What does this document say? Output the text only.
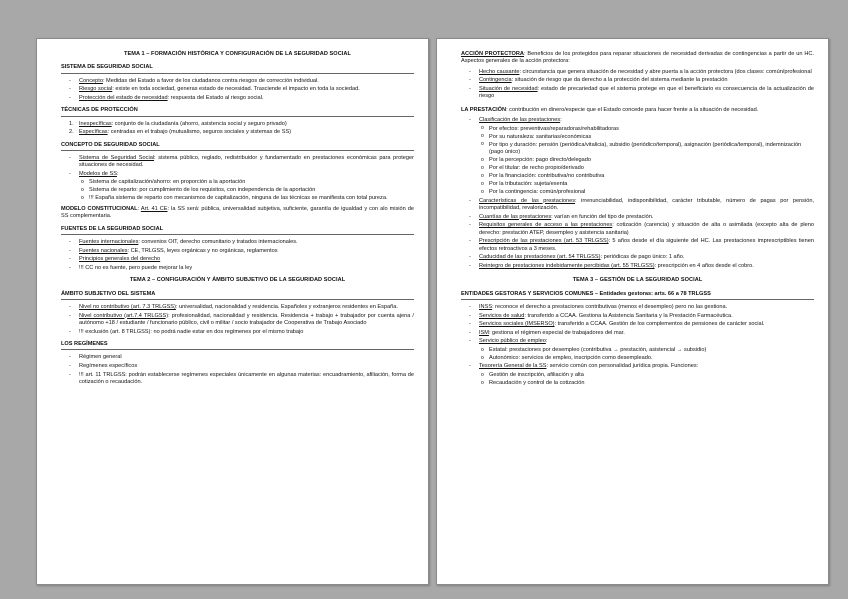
TEMA 1 – FORMACIÓN HISTÓRICA Y CONFIGURACIÓN DE LA SEGURIDAD SOCIAL
SISTEMA DE SEGURIDAD SOCIAL
- Concepto: Medidas del Estado a favor de los ciudadanos contra riesgos de corrección individual.
- Riesgo social: existe en toda sociedad, generas estado de necesidad. Trasciende el impacto en toda la sociedad.
- Protección del estado de necesidad: respuesta del Estado al riesgo social.
TÉCNICAS DE PROTECCIÓN
1. Inespecíficas: conjunto de la ciudadanía (ahorro, asistencia social y seguro privado)
2. Específicas: centradas en el trabajo (mutualismo, seguros sociales y sistemas de SS)
CONCEPTO DE SEGURIDAD SOCIAL
- Sistema de Seguridad Social: sistema público, reglado, redistribuidor y fundamentado en prestaciones económicas para proteger situaciones de necesidad.
- Modelos de SS:
o Sistema de capitalización/ahorro: en proporción a la aportación
o Sistema de reparto: por cumplimiento de los requisitos, con independencia de la aportación
o !!! España sistema de reparto con mecanismos de capitalización, ninguna de las técnicas se manifiesta con total pureza.
MODELO CONSTITUCIONAL: Art. 41 CE: la SS será: pública, universalidad subjetiva, suficiente, garantía de igualdad y con alo misión de SS complementaria.
FUENTES DE LA SEGURIDAD SOCIAL
- Fuentes internacionales: convenios OIT, derecho comunitario y tratados internacionales.
- Fuentes nacionales: CE, TRLGSS, leyes orgánicas y no orgánicas, reglamentos
- Principios generales del derecho
- !!! CC no es fuente, pero puede mejorar la ley
TEMA 2 – CONFIGURACIÓN Y ÁMBITO SUBJETIVO DE LA SEGURIDAD SOCIAL
ÁMBITO SUBJETIVO DEL SISTEMA
- Nivel no contributivo (art. 7.3 TRLGSS): universalidad, nacionalidad y residencia. Españoles y extranjeros residentes en España.
- Nivel contributivo (art.7.4 TRLGSS): profesionalidad, nacionalidad y residencia. Residencia + trabajo + trabajador por cuenta ajena / autónomo +18 / estudiante / funcionario público, civil o militar / socio trabajador de Cooperativa de Trabajo Asociado
- !!! exclusión (art. 8 TRLGSS): no podrá nadie estar en dos regímenes por el mismo trabajo
LOS REGÍMENES
- Régimen general
- Regímenes específicos
- !!! art. 11 TRLGSS: podrán establecerse regímenes especiales únicamente en algunas materias: encuadramiento, afiliación, forma de cotización o recaudación.
ACCIÓN PROTECTORA: Beneficios de los protegidos para reparar situaciones de necesidad derivadas de contingencias a partir de un HC. Aspectos generales de la acción protectora:
- Hecho causante: circunstancia que genera situación de necesidad y abre puerta a la acción protectora (dos clases: común/profesional
- Contingencia: situación de riesgo que da derecho a la protección del sistema mediante la prestación
- Situación de necesidad: estado de precariedad que el sistema protege en que el beneficiario es consecuencia de la actualización de riesgo
LA PRESTACIÓN: contribución en dinero/especie que el Estado concede para hacer frente a la situación de necesidad.
- Clasificación de las prestaciones:
o Por efectos: preventivas/reparadoras/rehabilitadoras
o Por su naturaleza: sanitarias/económicas
o Por tipo y duración: pensión (periódica/vitalicia), subsidio (periódico/temporal), asignación (periódica/temporal), indemnización (pago único)
o Por la percepción: pago directo/delegado
o Por el titular: de recho propio/derivado
o Por la financiación: contributiva/no contributiva
o Por la tributación: sujeta/exenta
o Por la contingencia: común/profesional
- Características de las prestaciones: irrenunciabilidad, indisponibilidad, carácter tributable, número de pagas por pensión, incompatibilidad, revalorización.
- Cuantías de las prestaciones: varían en función del tipo de prestación.
- Requisitos generales de acceso a las prestaciones: cotización (carencia) y situación de alta o asimilada (excepto alta de pleno derecho: prestación ATEP, desempleo y asistencia sanitaria)
- Prescripción de las prestaciones (art. 53 TRLGSS): 5 años desde el día siguiente del HC. Las prestaciones imprescriptibles tienen efectos retroactivos a 3 meses.
- Caducidad de las prestaciones (art. 54 TRLGSS): periódicas de pago único: 1 año.
- Reintegro de prestaciones indebidamente percibidas (art. 55 TRLGSS): prescripción en 4 años desde el cobro.
TEMA 3 – GESTIÓN DE LA SEGURIDAD SOCIAL
ENTIDADES GESTORAS Y SERVICIOS COMUNES – Entidades gestoras: arts. 66 a 78 TRLGSS
- INSS: reconoce el derecho a prestaciones contributivas (menos el desempleo) pero no las gestiona.
- Servicios de salud: transferido a CCAA. Gestiona la Asistencia Sanitaria y la Prestación Farmacéutica.
- Servicios sociales (IMSERSO): transferido a CCAA. Gestión de los complementos de pensiones de carácter social.
- ISM: gestiona el régimen especial de trabajadores del mar.
- Servicio público de empleo:
o Estatal: prestaciones por desempleo (contributiva → prestación, asistencial → subsidio)
o Autonómico: servicios de empleo, inscripción como desempleado.
- Tesorería General de la SS: servicio común con personalidad jurídica propia. Funciones:
o Gestión de inscripción, afiliación y alta
o Recaudación y control de la cotización
